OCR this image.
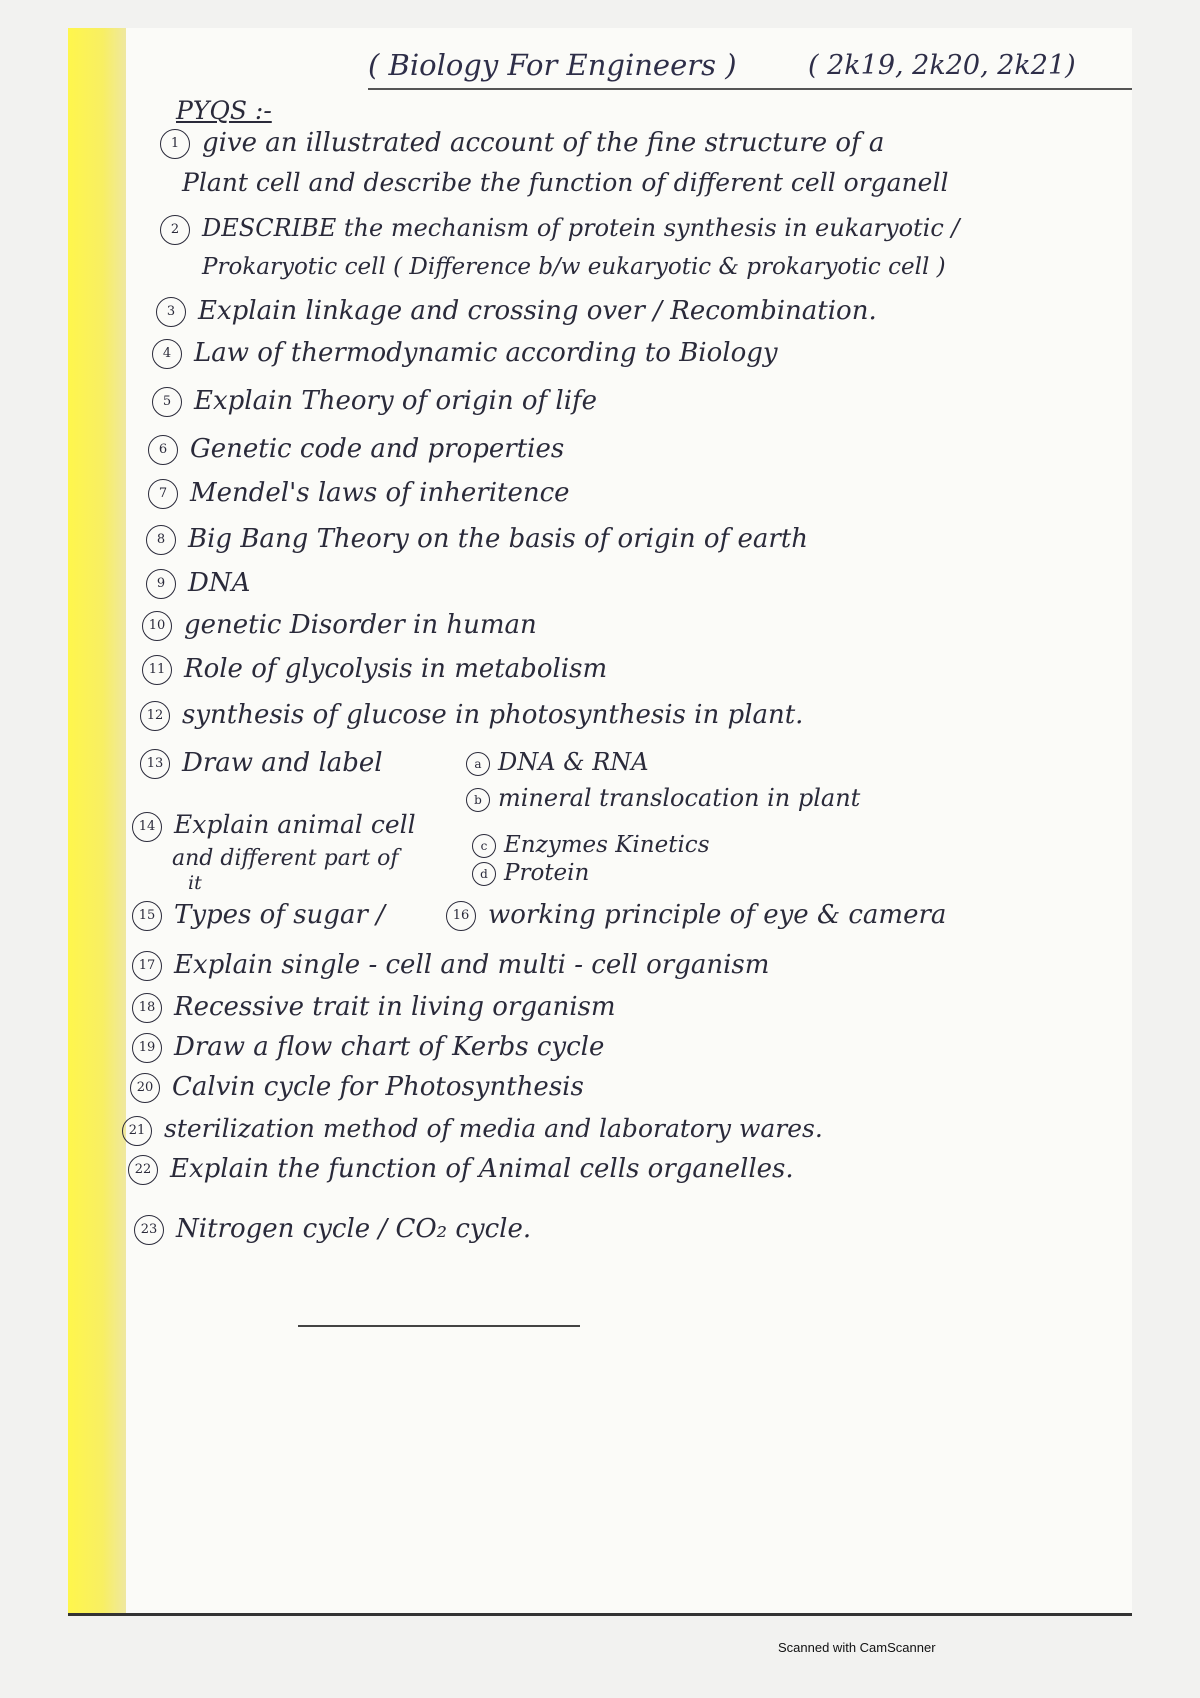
( Biology For Engineers )	( 2k19, 2k20, 2k21)
PYQS :-
1 give an illustrated account of the fine structure of a
Plant cell and describe the function of different cell organell
2 DESCRIBE the mechanism of protein synthesis in eukaryotic /
Prokaryotic cell ( Difference b/w eukaryotic & prokaryotic cell )
3 Explain linkage and crossing over / Recombination.
4 Law of thermodynamic according to Biology
5 Explain Theory of origin of life
6 Genetic code and properties
7 Mendel's laws of inheritence
8 Big Bang Theory on the basis of origin of earth
9 DNA
10 genetic Disorder in human
11 Role of glycolysis in metabolism
12 synthesis of glucose in photosynthesis in plant.
13 Draw and label	a DNA & RNA
b mineral translocation in plant
c Enzymes Kinetics
d Protein
14 Explain animal cell
and different part of
it
15 Types of sugar /	16 working principle of eye & camera
17 Explain single - cell and multi - cell organism
18 Recessive trait in living organism
19 Draw a flow chart of Kerbs cycle
20 Calvin cycle for Photosynthesis
21 sterilization method of media and laboratory wares.
22 Explain the function of Animal cells organelles.
23 Nitrogen cycle / CO₂ cycle.
Scanned with CamScanner
